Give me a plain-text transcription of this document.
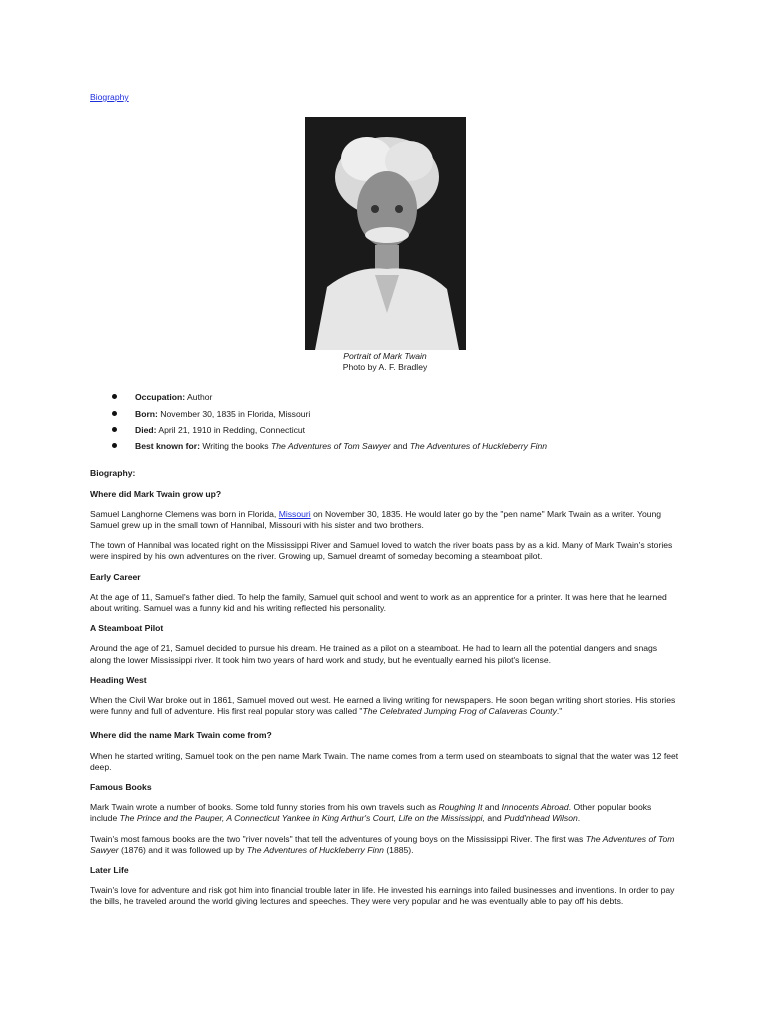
Biography
Portrait of Mark Twain
Photo by A. F. Bradley
Occupation: Author
Born: November 30, 1835 in Florida, Missouri
Died: April 21, 1910 in Redding, Connecticut
Best known for: Writing the books The Adventures of Tom Sawyer and The Adventures of Huckleberry Finn

Biography:

Where did Mark Twain grow up?

Samuel Langhorne Clemens was born in Florida, Missouri on November 30, 1835. He would later go by the "pen name" Mark Twain as a writer. Young Samuel grew up in the small town of Hannibal, Missouri with his sister and two brothers.

The town of Hannibal was located right on the Mississippi River and Samuel loved to watch the river boats pass by as a kid. Many of Mark Twain's stories were inspired by his own adventures on the river. Growing up, Samuel dreamt of someday becoming a steamboat pilot.

Early Career

At the age of 11, Samuel's father died. To help the family, Samuel quit school and went to work as an apprentice for a printer. It was here that he learned about writing. Samuel was a funny kid and his writing reflected his personality.

A Steamboat Pilot

Around the age of 21, Samuel decided to pursue his dream. He trained as a pilot on a steamboat. He had to learn all the potential dangers and snags along the lower Mississippi river. It took him two years of hard work and study, but he eventually earned his pilot's license.

Heading West

When the Civil War broke out in 1861, Samuel moved out west. He earned a living writing for newspapers. He soon began writing short stories. His stories were funny and full of adventure. His first real popular story was called "The Celebrated Jumping Frog of Calaveras County."

Where did the name Mark Twain come from?

When he started writing, Samuel took on the pen name Mark Twain. The name comes from a term used on steamboats to signal that the water was 12 feet deep.

Famous Books

Mark Twain wrote a number of books. Some told funny stories from his own travels such as Roughing It and Innocents Abroad. Other popular books include The Prince and the Pauper, A Connecticut Yankee in King Arthur's Court, Life on the Mississippi, and Pudd'nhead Wilson.

Twain's most famous books are the two "river novels" that tell the adventures of young boys on the Mississippi River. The first was The Adventures of Tom Sawyer (1876) and it was followed up by The Adventures of Huckleberry Finn (1885).

Later Life

Twain's love for adventure and risk got him into financial trouble later in life. He invested his earnings into failed businesses and inventions. In order to pay the bills, he traveled around the world giving lectures and speeches. They were very popular and he was eventually able to pay off his debts.
